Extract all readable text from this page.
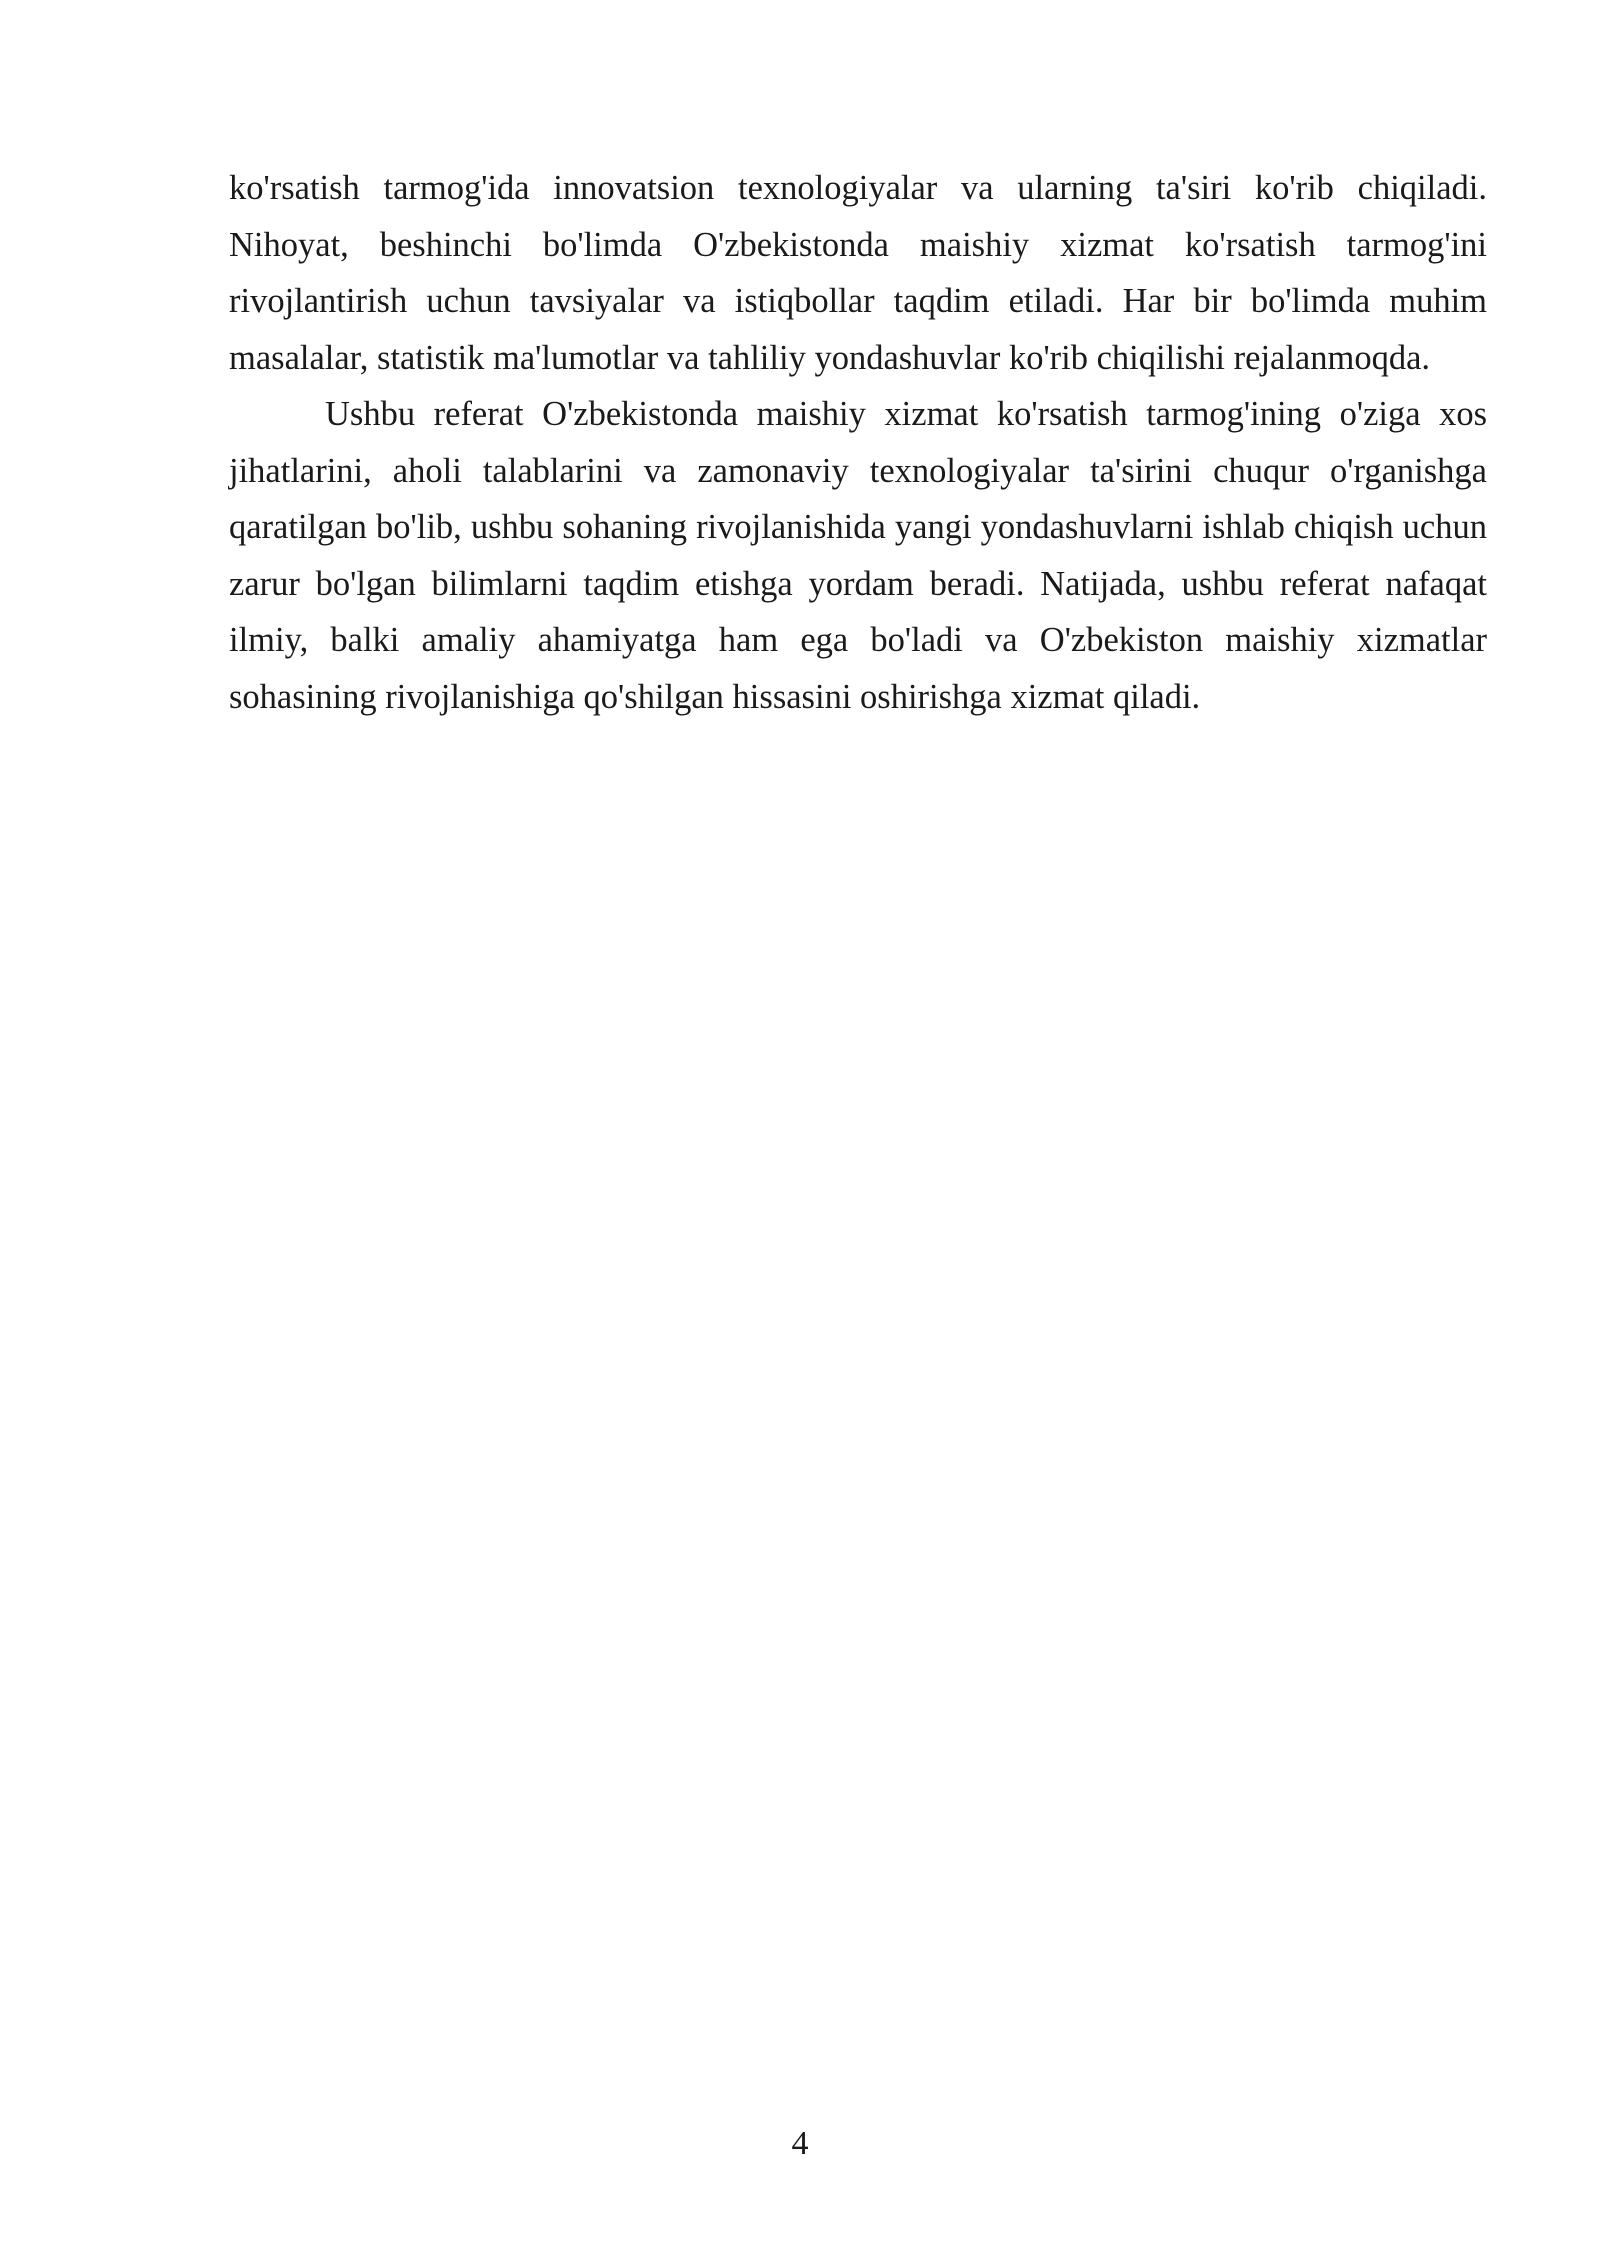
ko'rsatish tarmog'ida innovatsion texnologiyalar va ularning ta'siri ko'rib chiqiladi. Nihoyat, beshinchi bo'limda O'zbekistonda maishiy xizmat ko'rsatish tarmog'ini rivojlantirish uchun tavsiyalar va istiqbollar taqdim etiladi. Har bir bo'limda muhim masalalar, statistik ma'lumotlar va tahliliy yondashuvlar ko'rib chiqilishi rejalanmoqda.

Ushbu referat O'zbekistonda maishiy xizmat ko'rsatish tarmog'ining o'ziga xos jihatlarini, aholi talablarini va zamonaviy texnologiyalar ta'sirini chuqur o'rganishga qaratilgan bo'lib, ushbu sohaning rivojlanishida yangi yondashuvlarni ishlab chiqish uchun zarur bo'lgan bilimlarni taqdim etishga yordam beradi. Natijada, ushbu referat nafaqat ilmiy, balki amaliy ahamiyatga ham ega bo'ladi va O'zbekiston maishiy xizmatlar sohasining rivojlanishiga qo'shilgan hissasini oshirishga xizmat qiladi.

4
